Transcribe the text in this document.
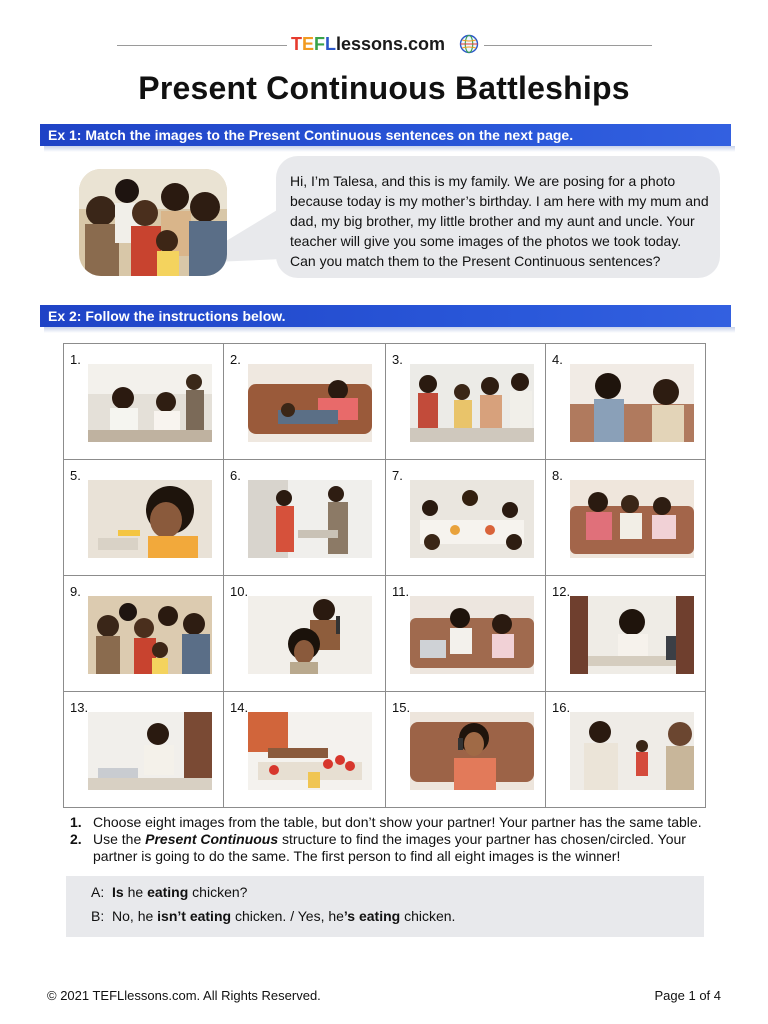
TEFLlessons.com
Present Continuous Battleships
Ex 1: Match the images to the Present Continuous sentences on the next page.
Hi, I’m Talesa, and this is my family. We are posing for a photo
because today is my mother’s birthday. I am here with my mum and
dad, my big brother, my little brother and my aunt and uncle. Your
teacher will give you some images of the photos we took today.
Can you match them to the Present Continuous sentences?
Ex 2: Follow the instructions below.
1.	2.	3.	4.
5.	6.	7.	8.
9.	10.	11.	12.
13.	14.	15.	16.
1. Choose eight images from the table, but don’t show your partner! Your partner has the same table.
2. Use the Present Continuous structure to find the images your partner has chosen/circled. Your partner is going to do the same. The first person to find all eight images is the winner!
A: Is he eating chicken?
B: No, he isn’t eating chicken. / Yes, he’s eating chicken.
© 2021 TEFLlessons.com. All Rights Reserved.	Page 1 of 4
